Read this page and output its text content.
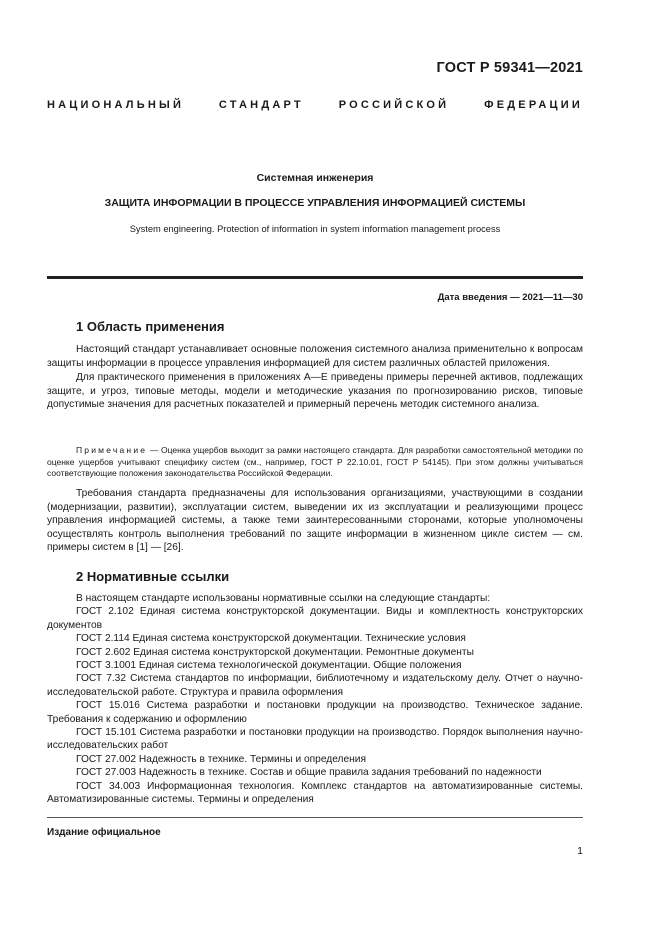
ГОСТ Р 59341—2021
НАЦИОНАЛЬНЫЙ СТАНДАРТ РОССИЙСКОЙ ФЕДЕРАЦИИ
Системная инженерия
ЗАЩИТА ИНФОРМАЦИИ В ПРОЦЕССЕ УПРАВЛЕНИЯ ИНФОРМАЦИЕЙ СИСТЕМЫ
System engineering. Protection of information in system information management process
Дата введения — 2021—11—30
1 Область применения

Настоящий стандарт устанавливает основные положения системного анализа применительно к вопросам защиты информации в процессе управления информацией для систем различных областей приложения.

Для практического применения в приложениях А—Е приведены примеры перечней активов, подлежащих защите, и угроз, типовые методы, модели и методические указания по прогнозированию рисков, типовые допустимые значения для расчетных показателей и примерный перечень методик системного анализа.

Примечание — Оценка ущербов выходит за рамки настоящего стандарта. Для разработки самостоятельной методики по оценке ущербов учитывают специфику систем (см., например, ГОСТ Р 22.10.01, ГОСТ Р 54145). При этом должны учитываться соответствующие положения законодательства Российской Федерации.

Требования стандарта предназначены для использования организациями, участвующими в создании (модернизации, развитии), эксплуатации систем, выведении их из эксплуатации и реализующими процесс управления информацией системы, а также теми заинтересованными сторонами, которые уполномочены осуществлять контроль выполнения требований по защите информации в жизненном цикле систем — см. примеры систем в [1] — [26].

2 Нормативные ссылки

В настоящем стандарте использованы нормативные ссылки на следующие стандарты:

ГОСТ 2.102 Единая система конструкторской документации. Виды и комплектность конструкторских документов

ГОСТ 2.114 Единая система конструкторской документации. Технические условия

ГОСТ 2.602 Единая система конструкторской документации. Ремонтные документы

ГОСТ 3.1001 Единая система технологической документации. Общие положения

ГОСТ 7.32 Система стандартов по информации, библиотечному и издательскому делу. Отчет о научно-исследовательской работе. Структура и правила оформления

ГОСТ 15.016 Система разработки и постановки продукции на производство. Техническое задание. Требования к содержанию и оформлению

ГОСТ 15.101 Система разработки и постановки продукции на производство. Порядок выполнения научно-исследовательских работ

ГОСТ 27.002 Надежность в технике. Термины и определения

ГОСТ 27.003 Надежность в технике. Состав и общие правила задания требований по надежности

ГОСТ 34.003 Информационная технология. Комплекс стандартов на автоматизированные системы. Автоматизированные системы. Термины и определения

Издание официальное
1
